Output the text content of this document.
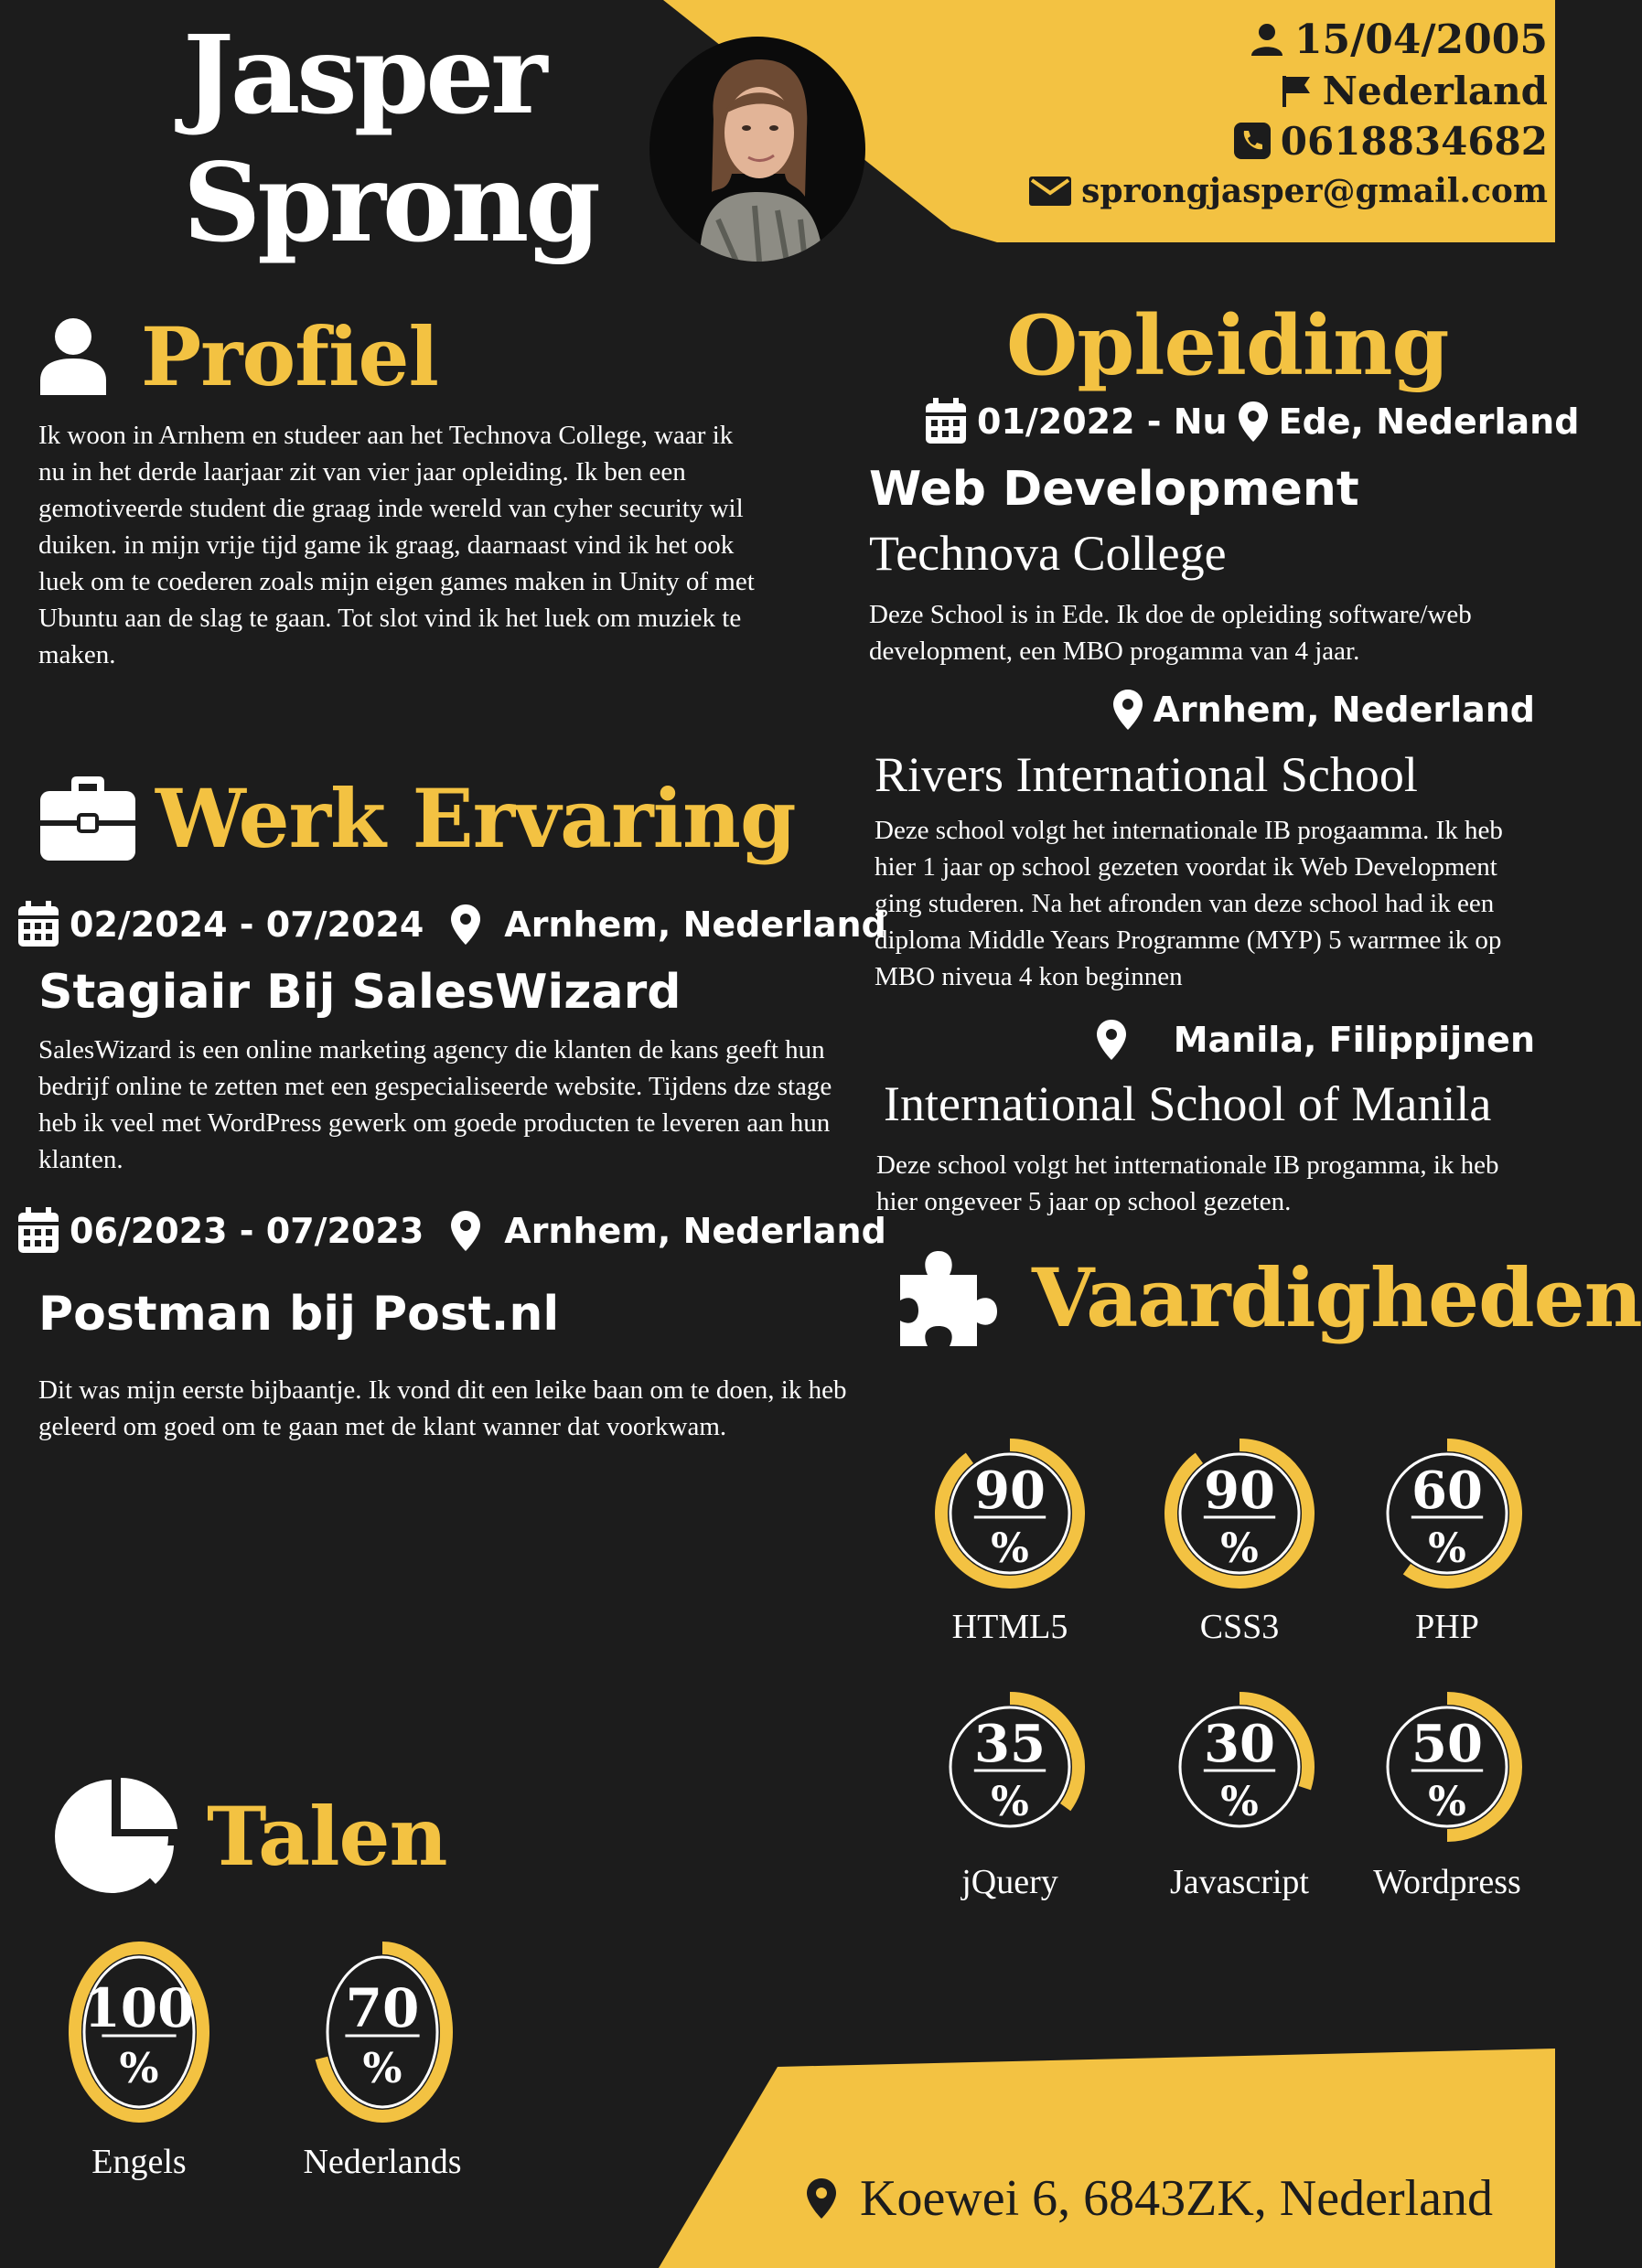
Jasper
Sprong
15/04/2005
Nederland
0618834682
sprongjasper@gmail.com
Profiel
Ik woon in Arnhem en studeer aan het Technova College, waar ik nu in het derde laarjaar zit van vier jaar opleiding. Ik ben een gemotiveerde student die graag inde wereld van cyher security wil duiken. in mijn vrije tijd game ik graag, daarnaast vind ik het ook luek om te coederen zoals mijn eigen games maken in Unity of met Ubuntu aan de slag te gaan. Tot slot vind ik het luek om muziek te maken.
Werk Ervaring
02/2024 - 07/2024 Arnhem, Nederland
Stagiair Bij SalesWizard
SalesWizard is een online marketing agency die klanten de kans geeft hun bedrijf online te zetten met een gespecialiseerde website. Tijdens dze stage heb ik veel met WordPress gewerk om goede producten te leveren aan hun klanten.
06/2023 - 07/2023 Arnhem, Nederland
Postman bij Post.nl
Dit was mijn eerste bijbaantje. Ik vond dit een leike baan om te doen, ik heb geleerd om goed om te gaan met de klant wanner dat voorkwam.
Opleiding
01/2022 - Nu Ede, Nederland
Web Development
Technova College
Deze School is in Ede. Ik doe de opleiding software/web development, een MBO progamma van 4 jaar.
Arnhem, Nederland
Rivers International School
Deze school volgt het internationale IB progaamma. Ik heb hier 1 jaar op school gezeten voordat ik Web Development ging studeren. Na het afronden van deze school had ik een diploma Middle Years Programme (MYP) 5 warrmee ik op MBO niveua 4 kon beginnen
Manila, Filippijnen
International School of Manila
Deze school volgt het intternationale IB progamma, ik heb hier ongeveer 5 jaar op school gezeten.
Vaardigheden
90
%
HTML5
90
%
CSS3
60
%
PHP
35
%
jQuery
30
%
Javascript
50
%
Wordpress
Talen
100
%
Engels
70
%
Nederlands
Koewei 6, 6843ZK, Nederland
